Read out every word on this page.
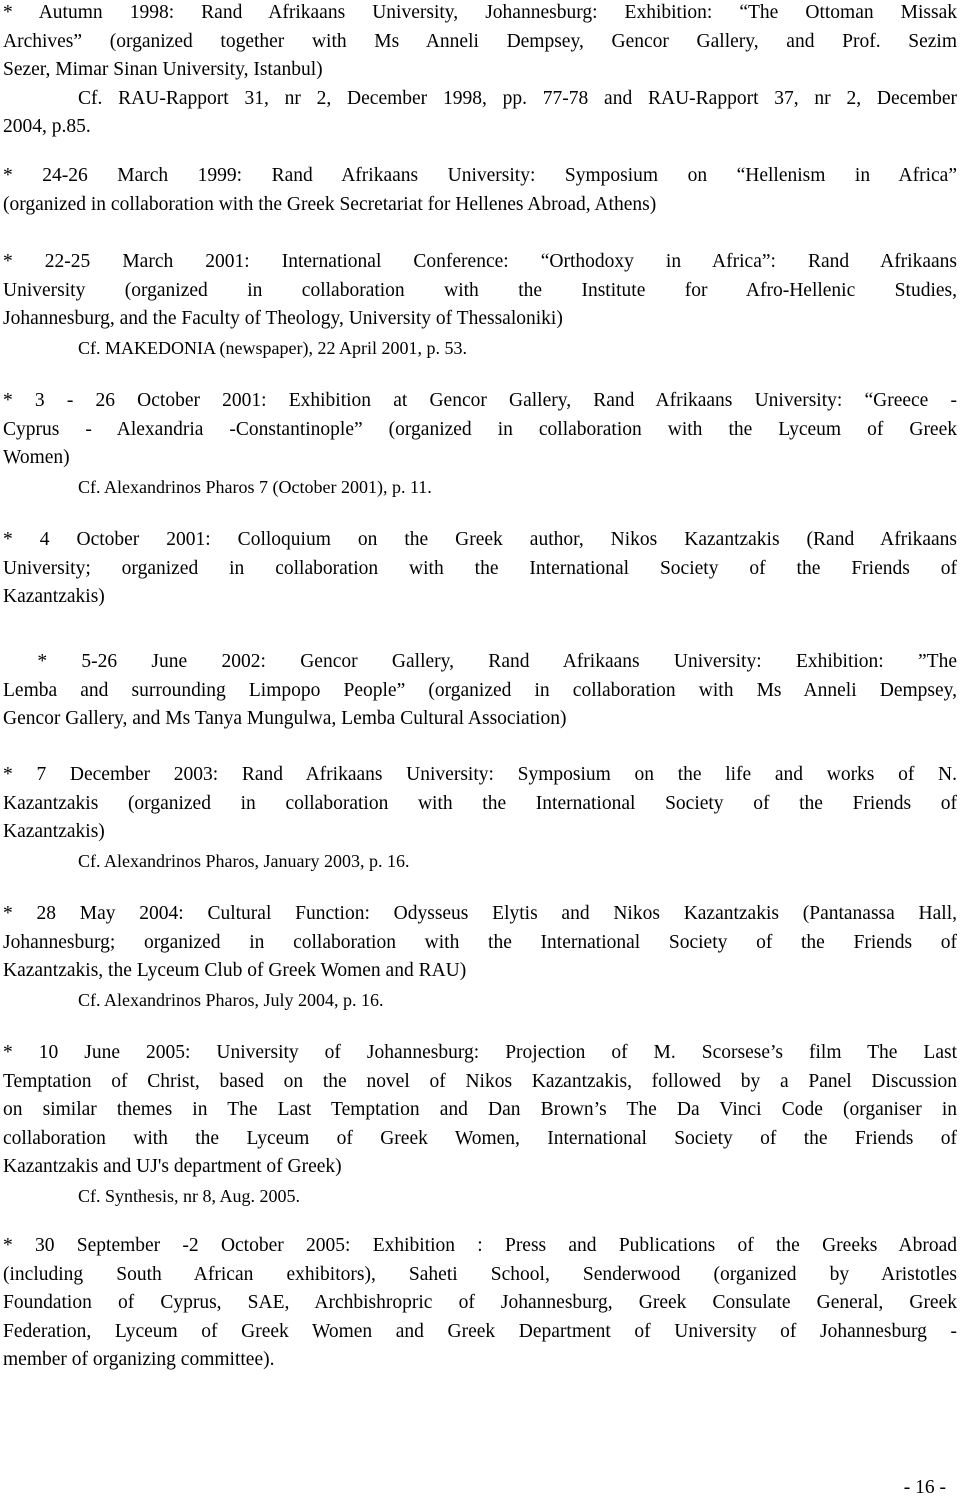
* Autumn 1998: Rand Afrikaans University, Johannesburg: Exhibition: “The Ottoman Missak
Archives” (organized together with Ms Anneli Dempsey, Gencor Gallery, and Prof. Sezim
Sezer, Mimar Sinan University, Istanbul)
Cf. RAU-Rapport 31, nr 2, December 1998, pp. 77-78 and RAU-Rapport 37, nr 2, December
2004, p.85.
* 24-26 March 1999: Rand Afrikaans University: Symposium on “Hellenism in Africa”
(organized in collaboration with the Greek Secretariat for Hellenes Abroad, Athens)
* 22-25 March 2001: International Conference: “Orthodoxy in Africa”: Rand Afrikaans
University (organized in collaboration with the Institute for Afro-Hellenic Studies,
Johannesburg, and the Faculty of Theology, University of Thessaloniki)
Cf. MAKEDONIA (newspaper), 22 April 2001, p. 53.
* 3 - 26 October 2001: Exhibition at Gencor Gallery, Rand Afrikaans University: “Greece -
Cyprus - Alexandria -Constantinople” (organized in collaboration with the Lyceum of Greek
Women)
Cf. Alexandrinos Pharos 7 (October 2001), p. 11.
* 4 October 2001: Colloquium on the Greek author, Nikos Kazantzakis (Rand Afrikaans
University; organized in collaboration with the International Society of the Friends of
Kazantzakis)
* 5-26 June 2002: Gencor Gallery, Rand Afrikaans University: Exhibition: ”The
Lemba and surrounding Limpopo People” (organized in collaboration with Ms Anneli Dempsey,
Gencor Gallery, and Ms Tanya Mungulwa, Lemba Cultural Association)
* 7 December 2003: Rand Afrikaans University: Symposium on the life and works of N.
Kazantzakis (organized in collaboration with the International Society of the Friends of
Kazantzakis)
Cf. Alexandrinos Pharos, January 2003, p. 16.
* 28 May 2004: Cultural Function: Odysseus Elytis and Nikos Kazantzakis (Pantanassa Hall,
Johannesburg; organized in collaboration with the International Society of the Friends of
Kazantzakis, the Lyceum Club of Greek Women and RAU)
Cf. Alexandrinos Pharos, July 2004, p. 16.
* 10 June 2005: University of Johannesburg: Projection of M. Scorsese’s film The Last
Temptation of Christ, based on the novel of Nikos Kazantzakis, followed by a Panel Discussion
on similar themes in The Last Temptation and Dan Brown’s The Da Vinci Code (organiser in
collaboration with the Lyceum of Greek Women, International Society of the Friends of
Kazantzakis and UJ's department of Greek)
Cf. Synthesis, nr 8, Aug. 2005.
* 30 September -2 October 2005: Exhibition : Press and Publications of the Greeks Abroad
(including South African exhibitors), Saheti School, Senderwood (organized by Aristotles
Foundation of Cyprus, SAE, Archbishropric of Johannesburg, Greek Consulate General, Greek
Federation, Lyceum of Greek Women and Greek Department of University of Johannesburg -
member of organizing committee).
- 16 -
